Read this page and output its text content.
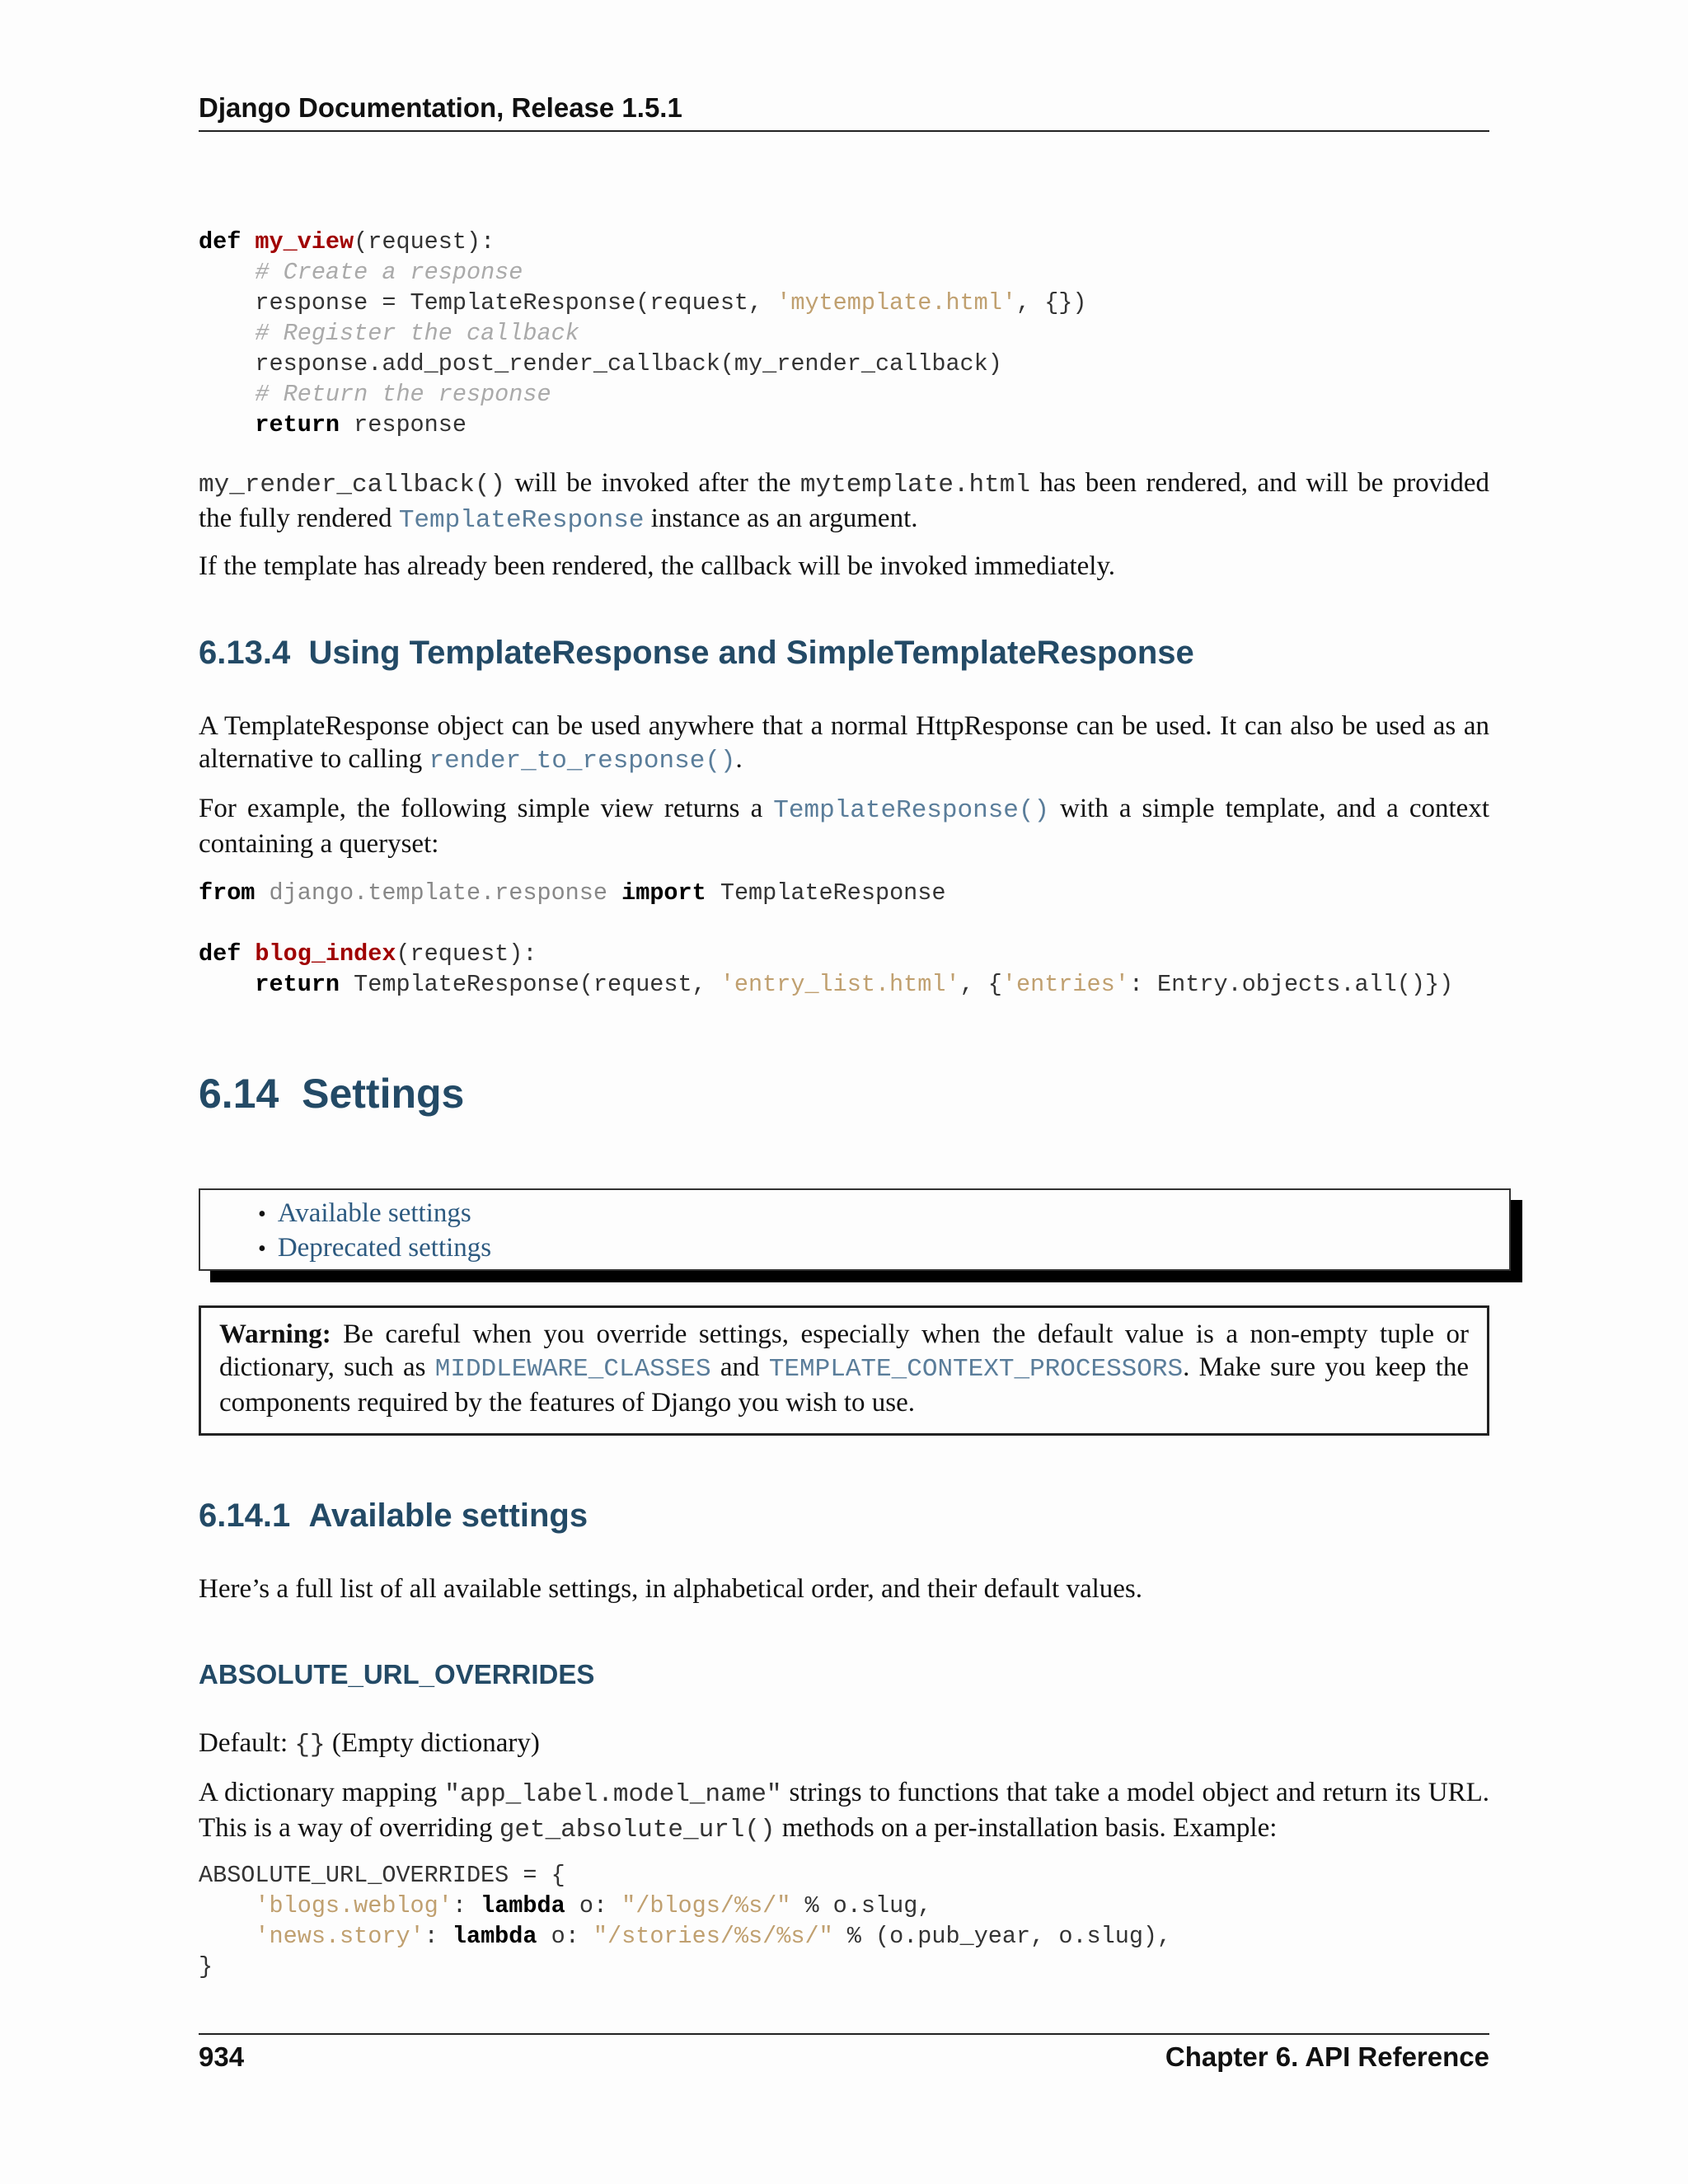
Django Documentation, Release 1.5.1
def my_view(request):
# Create a response
response = TemplateResponse(request, 'mytemplate.html', {})
# Register the callback
response.add_post_render_callback(my_render_callback)
# Return the response
return response

my_render_callback() will be invoked after the mytemplate.html has been rendered, and will be provided the fully rendered TemplateResponse instance as an argument.

If the template has already been rendered, the callback will be invoked immediately.

6.13.4 Using TemplateResponse and SimpleTemplateResponse

A TemplateResponse object can be used anywhere that a normal HttpResponse can be used. It can also be used as an alternative to calling render_to_response().

For example, the following simple view returns a TemplateResponse() with a simple template, and a context containing a queryset:

from django.template.response import TemplateResponse

def blog_index(request):
return TemplateResponse(request, 'entry_list.html', {'entries': Entry.objects.all()})
6.14 Settings
• Available settings
• Deprecated settings

Warning: Be careful when you override settings, especially when the default value is a non-empty tuple or dictionary, such as MIDDLEWARE_CLASSES and TEMPLATE_CONTEXT_PROCESSORS. Make sure you keep the components required by the features of Django you wish to use.

6.14.1 Available settings

Here’s a full list of all available settings, in alphabetical order, and their default values.

ABSOLUTE_URL_OVERRIDES

Default: {} (Empty dictionary)

A dictionary mapping "app_label.model_name" strings to functions that take a model object and return its URL. This is a way of overriding get_absolute_url() methods on a per-installation basis. Example:

ABSOLUTE_URL_OVERRIDES = {
'blogs.weblog': lambda o: "/blogs/%s/" % o.slug,
'news.story': lambda o: "/stories/%s/%s/" % (o.pub_year, o.slug),
}
934	Chapter 6. API Reference
